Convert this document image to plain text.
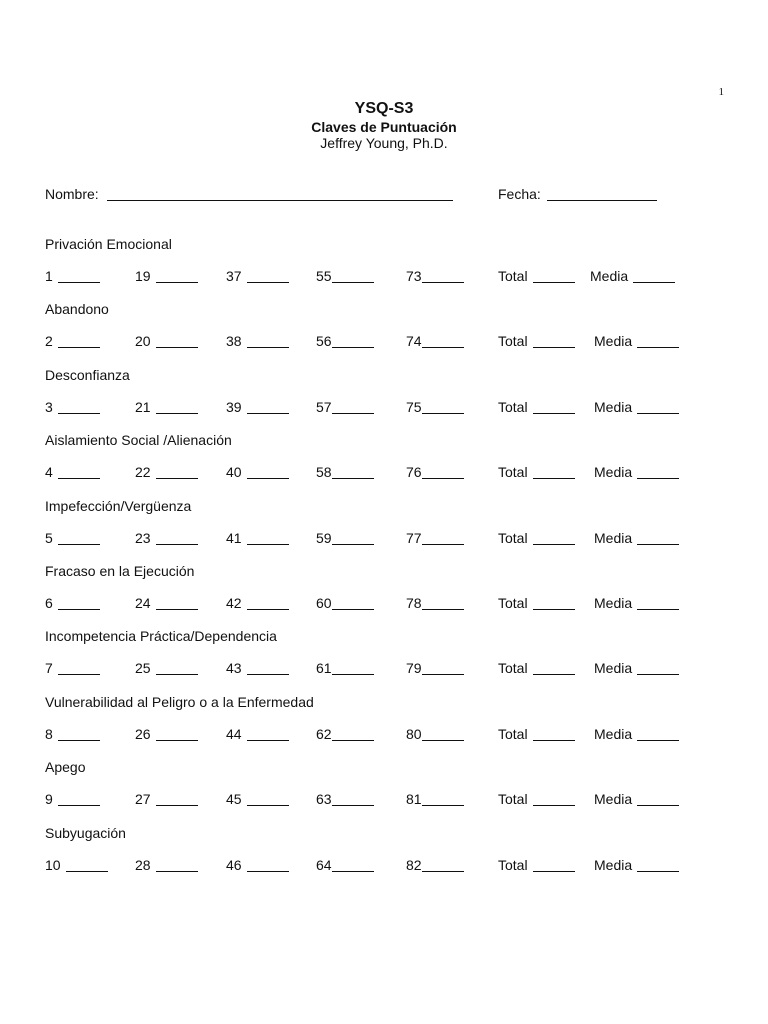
1
YSQ-S3
Claves de Puntuación
Jeffrey Young, Ph.D.
Nombre:	Fecha:
Privación Emocional
1	19	37	55	73	Total	Media
Abandono
2	20	38	56	74	Total	Media
Desconfianza
3	21	39	57	75	Total	Media
Aislamiento Social /Alienación
4	22	40	58	76	Total	Media
Impefección/Vergüenza
5	23	41	59	77	Total	Media
Fracaso en la Ejecución
6	24	42	60	78	Total	Media
Incompetencia Práctica/Dependencia
7	25	43	61	79	Total	Media
Vulnerabilidad al Peligro o a la Enfermedad
8	26	44	62	80	Total	Media
Apego
9	27	45	63	81	Total	Media
Subyugación
10	28	46	64	82	Total	Media
